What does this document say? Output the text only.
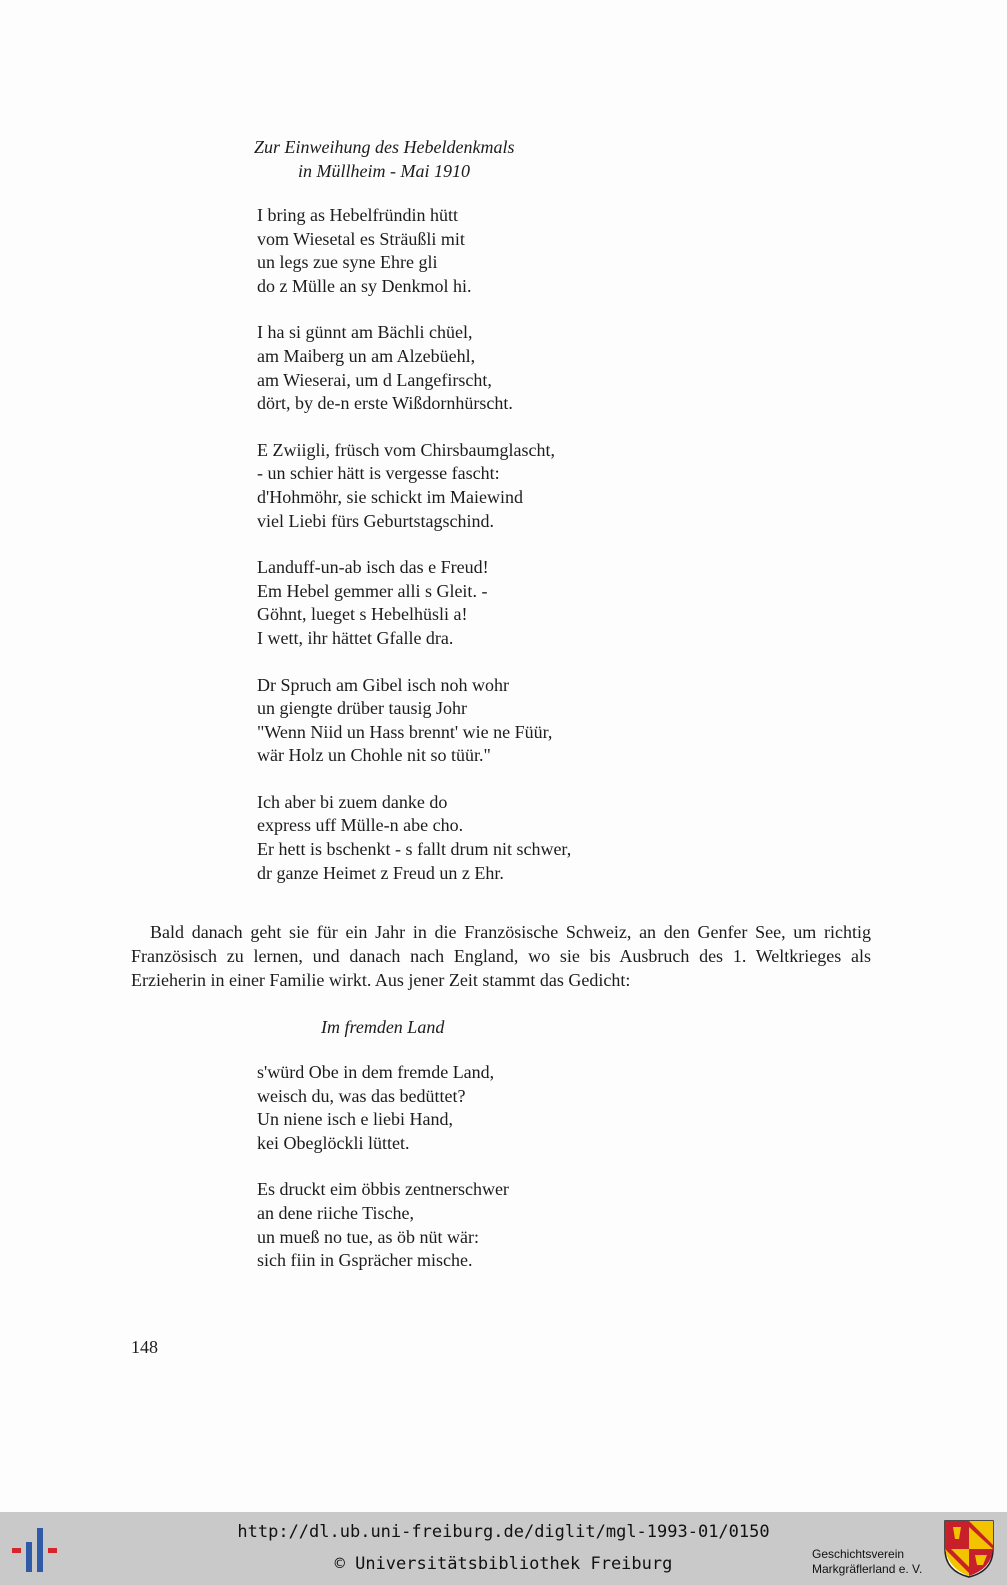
Zur Einweihung des Hebeldenkmals
in Müllheim - Mai 1910
I bring as Hebelfründin hütt
vom Wiesetal es Sträußli mit
un legs zue syne Ehre gli
do z Mülle an sy Denkmol hi.
I ha si günnt am Bächli chüel,
am Maiberg un am Alzebüehl,
am Wieserai, um d Langefirscht,
dört, by de-n erste Wißdornhürscht.
E Zwiigli, früsch vom Chirsbaumglascht,
- un schier hätt is vergesse fascht:
d'Hohmöhr, sie schickt im Maiewind
viel Liebi fürs Geburtstagschind.
Landuff-un-ab isch das e Freud!
Em Hebel gemmer alli s Gleit. -
Göhnt, lueget s Hebelhüsli a!
I wett, ihr hättet Gfalle dra.
Dr Spruch am Gibel isch noh wohr
un giengte drüber tausig Johr
"Wenn Niid un Hass brennt' wie ne Füür,
wär Holz un Chohle nit so tüür."
Ich aber bi zuem danke do
express uff Mülle-n abe cho.
Er hett is bschenkt - s fallt drum nit schwer,
dr ganze Heimet z Freud un z Ehr.
Bald danach geht sie für ein Jahr in die Französische Schweiz, an den Genfer See, um richtig Französisch zu lernen, und danach nach England, wo sie bis Ausbruch des 1. Weltkrieges als Erzieherin in einer Familie wirkt. Aus jener Zeit stammt das Gedicht:
Im fremden Land
s'würd Obe in dem fremde Land,
weisch du, was das bedüttet?
Un niene isch e liebi Hand,
kei Obeglöckli lüttet.
Es druckt eim öbbis zentnerschwer
an dene riiche Tische,
un mueß no tue, as öb nüt wär:
sich fiin in Gsprächer mische.
148
http://dl.ub.uni-freiburg.de/diglit/mgl-1993-01/0150
© Universitätsbibliothek Freiburg	Geschichtsverein
Markgräflerland e. V.
